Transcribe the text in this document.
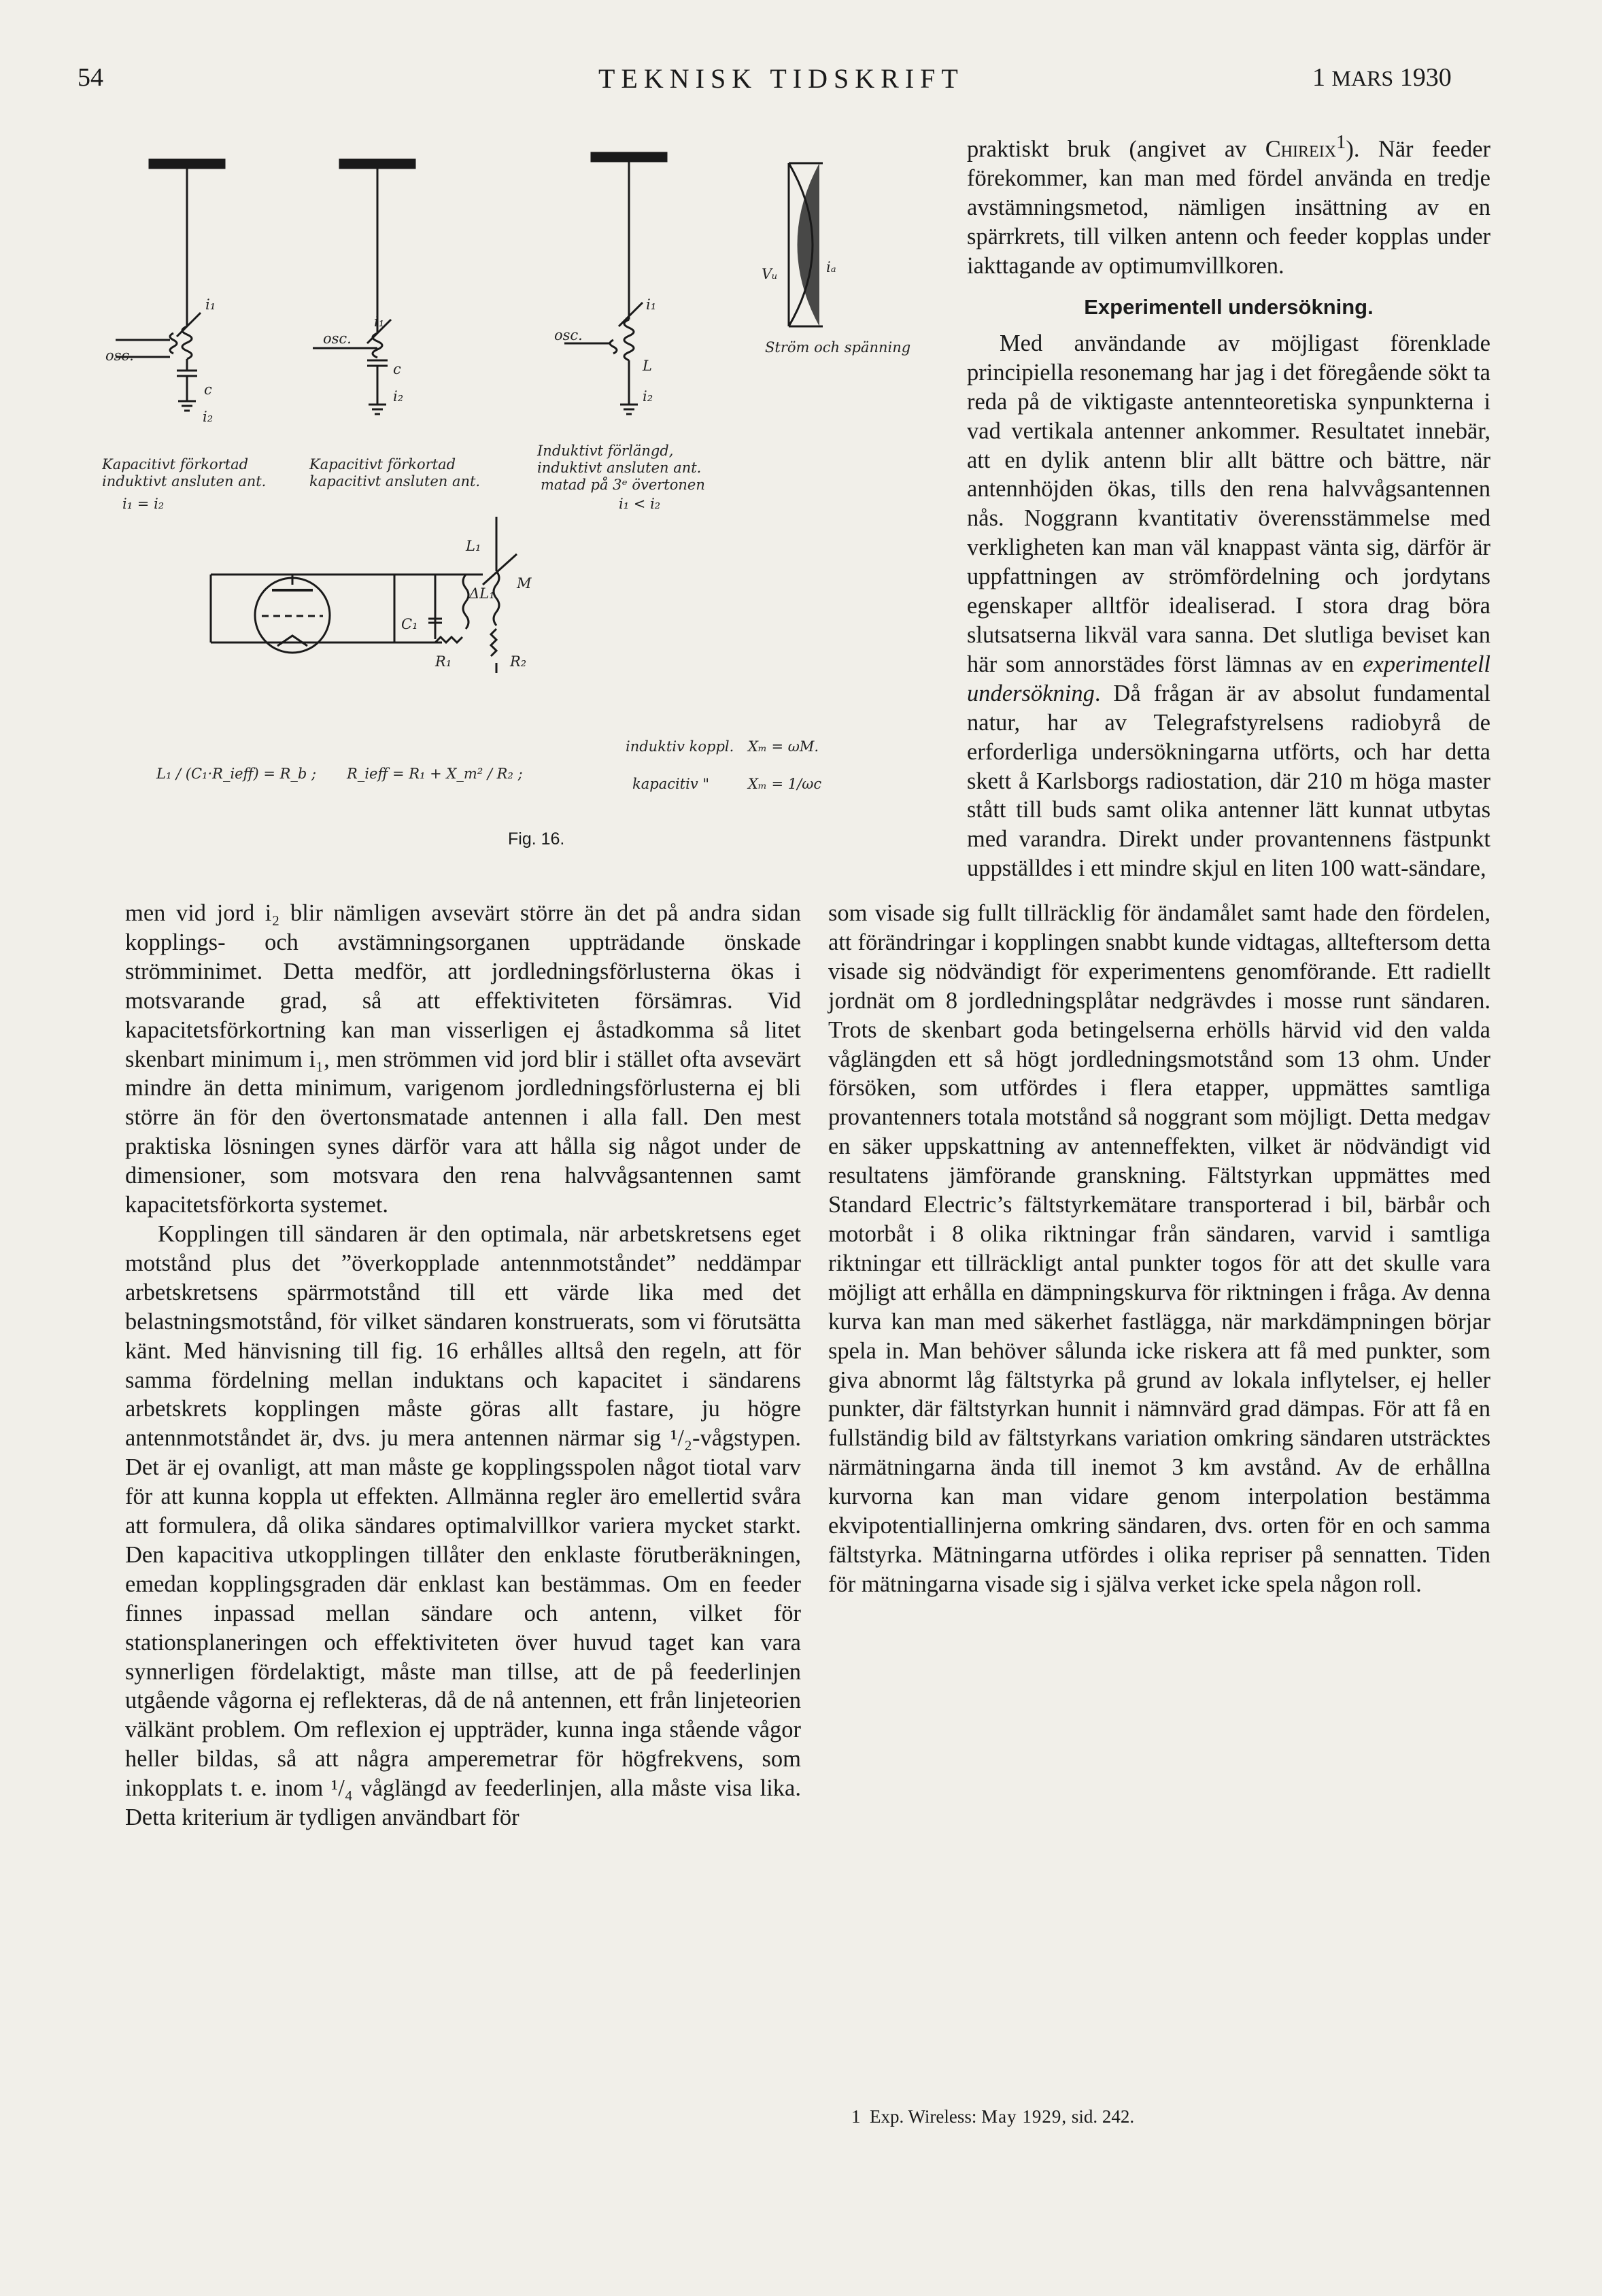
54	TEKNISK TIDSKRIFT	1 MARS 1930
osc.
i₁
i₂
c
Kapacitivt förkortad
induktivt ansluten ant.
i₁ = i₂
i₁
osc.
i₂
c
Kapacitivt förkortad
kapacitivt ansluten ant.
i₁
osc.
L
i₂
Induktivt förlängd,
induktivt ansluten ant.
matad på 3ᵉ övertonen
i₁ < i₂
Vᵤ	iₐ
Ström och spänning
L₁
ΔL₁
C₁
M
R₁	R₂
L₁ / (C₁·R_ieff) = R_b ; R_ieff = R₁ + X_m² / R₂ ;
induktiv koppl. Xₘ = ωM.
kapacitiv "	Xₘ = 1/ωc
Fig. 16.

praktiskt bruk (angivet av Chireix$^1$). När feeder förekommer, kan man med fördel använda en tredje avstämningsmetod, nämligen insättning av en spärrkrets, till vilken antenn och feeder kopplas under iakttagande av optimumvillkoren.

Experimentell undersökning.

Med användande av möjligast förenklade principiella resonemang har jag i det föregående sökt ta reda på de viktigaste antennteoretiska synpunkterna i vad vertikala antenner ankommer. Resultatet innebär, att en dylik antenn blir allt bättre och bättre, när antennhöjden ökas, tills den rena halvvågsantennen nås. Noggrann kvantitativ överensstämmelse med verkligheten kan man väl knappast vänta sig, därför är uppfattningen av strömfördelning och jordytans egenskaper alltför idealiserad. I stora drag böra slutsatserna likväl vara sanna. Det slutliga beviset kan här som annorstädes först lämnas av en experimentell undersökning. Då frågan är av absolut fundamental natur, har av Telegrafstyrelsens radiobyrå de erforderliga undersökningarna utförts, och har detta skett å Karlsborgs radiostation, där 210 m höga master stått till buds samt olika antenner lätt kunnat utbytas med varandra. Direkt under provantennens fästpunkt uppställdes i ett mindre skjul en liten 100 watt-sändare,

men vid jord i₂ blir nämligen avsevärt större än det på andra sidan kopplings- och avstämningsorganen uppträdande önskade strömminimet. Detta medför, att jordledningsförlusterna ökas i motsvarande grad, så att effektiviteten försämras. Vid kapacitetsförkortning kan man visserligen ej åstadkomma så litet skenbart minimum i₁, men strömmen vid jord blir i stället ofta avsevärt mindre än detta minimum, varigenom jordledningsförlusterna ej bli större än för den övertonsmatade antennen i alla fall. Den mest praktiska lösningen synes därför vara att hålla sig något under de dimensioner, som motsvara den rena halvvågsantennen samt kapacitetsförkorta systemet.

Kopplingen till sändaren är den optimala, när arbetskretsens eget motstånd plus det ”överkopplade antennmotståndet” neddämpar arbetskretsens spärrmotstånd till ett värde lika med det belastningsmotstånd, för vilket sändaren konstruerats, som vi förutsätta känt. Med hänvisning till fig. 16 erhålles alltså den regeln, att för samma fördelning mellan induktans och kapacitet i sändarens arbetskrets kopplingen måste göras allt fastare, ju högre antennmotståndet är, dvs. ju mera antennen närmar sig ¹/₂-vågstypen. Det är ej ovanligt, att man måste ge kopplingsspolen något tiotal varv för att kunna koppla ut effekten. Allmänna regler äro emellertid svåra att formulera, då olika sändares optimalvillkor variera mycket starkt. Den kapacitiva utkopplingen tillåter den enklaste förutberäkningen, emedan kopplingsgraden där enklast kan bestämmas. Om en feeder finnes inpassad mellan sändare och antenn, vilket för stationsplaneringen och effektiviteten över huvud taget kan vara synnerligen fördelaktigt, måste man tillse, att de på feederlinjen utgående vågorna ej reflekteras, då de nå antennen, ett från linjeteorien välkänt problem. Om reflexion ej uppträder, kunna inga stående vågor heller bildas, så att några amperemetrar för högfrekvens, som inkopplats t. e. inom ¹/₄ våglängd av feederlinjen, alla måste visa lika. Detta kriterium är tydligen användbart för

1 Exp. Wireless: May 1929, sid. 242.

som visade sig fullt tillräcklig för ändamålet samt hade den fördelen, att förändringar i kopplingen snabbt kunde vidtagas, allteftersom detta visade sig nödvändigt för experimentens genomförande. Ett radiellt jordnät om 8 jordledningsplåtar nedgrävdes i mosse runt sändaren. Trots de skenbart goda betingelserna erhölls härvid vid den valda våglängden ett så högt jordledningsmotstånd som 13 ohm. Under försöken, som utfördes i flera etapper, uppmättes samtliga provantenners totala motstånd så noggrant som möjligt. Detta medgav en säker uppskattning av antenneffekten, vilket är nödvändigt vid resultatens jämförande granskning. Fältstyrkan uppmättes med Standard Electric’s fältstyrkemätare transporterad i bil, bärbår och motorbåt i 8 olika riktningar från sändaren, varvid i samtliga riktningar ett tillräckligt antal punkter togos för att det skulle vara möjligt att erhålla en dämpningskurva för riktningen i fråga. Av denna kurva kan man med säkerhet fastlägga, när markdämpningen börjar spela in. Man behöver sålunda icke riskera att få med punkter, som giva abnormt låg fältstyrka på grund av lokala inflytelser, ej heller punkter, där fältstyrkan hunnit i nämnvärd grad dämpas. För att få en fullständig bild av fältstyrkans variation omkring sändaren utsträcktes närmätningarna ända till inemot 3 km avstånd. Av de erhållna kurvorna kan man vidare genom interpolation bestämma ekvipotentiallinjerna omkring sändaren, dvs. orten för en och samma fältstyrka. Mätningarna utfördes i olika repriser på sennatten. Tiden för mätningarna visade sig i själva verket icke spela någon roll.
